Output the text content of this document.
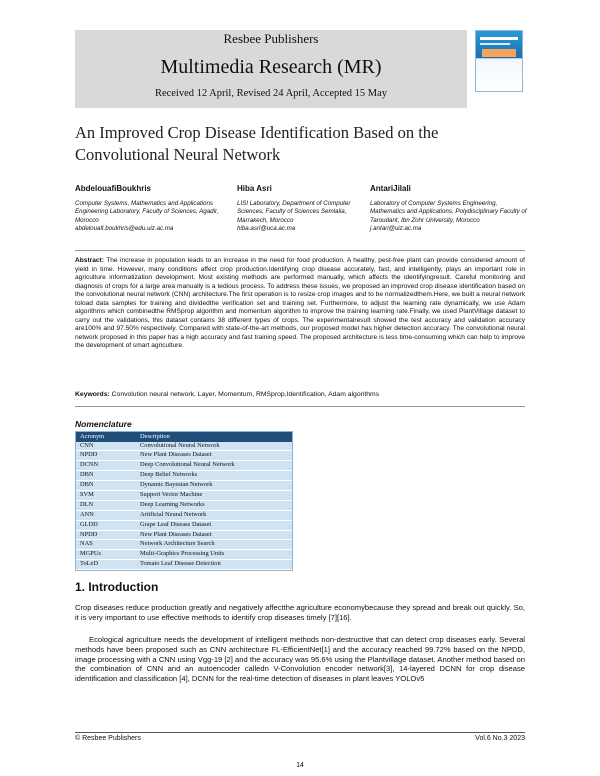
Resbee Publishers
Multimedia Research (MR)
Received 12 April, Revised 24 April, Accepted 15 May
An Improved Crop Disease Identification Based on the Convolutional Neural Network
AbdelouafiBoukhris
Computer Systems, Mathematics and Applications Engineering Laboratory, Faculty of Sciences, Agadir, Morocco
abdelouafi.boukhris@edu.uiz.ac.ma
Hiba Asri
LISI Laboratory, Department of Computer Sciences, Faculty of Sciences Semlalia, Marrakech, Morocco
hiba.asri@uca.ac.ma
AntariJilali
Laboratory of Computer Systems Engineering, Mathematics and Applications, Polydisciplinary Faculty of Taroudant, Ibn Zohr University, Morocco
j.antari@uiz.ac.ma
Abstract: The increase in population leads to an increase in the need for food production. A healthy, pest-free plant can provide considered amount of yield in time. However, many conditions affect crop production.Identifying crop disease accurately, fast, and intelligently, plays an important role in agriculture informatization development. Most existing methods are performed manually, which affects the identifyingresult. Careful monitoring and diagnosis of crops for a large area manually is a tedious process. To address these issues, we proposed an improved crop disease identification based on the convolutional neural network (CNN) architecture.The first operation is to resize crop images and to be normalizedthem.Here, we built a neural network toload data samples for training and dividedthe verification set and training set. Furthermore, to adjust the learning rate dynamically, we use Adam algorithms which combinedthe RMSprop algorithm and momentum algorithm to improve the training learning rate.Finally, we used PlantVillage dataset to carry out the validations, this dataset contains 38 different types of crops. The experimentalresult showed the test accuracy and validation accuracy are100% and 97.50% respectively. Compared with state-of-the-art methods, our proposed model has higher detection accuracy. The convolutional neural network proposed in this paper has a high accuracy and fast training speed. The proposed architecture is less time-consuming which can help to improve the development of smart agriculture.
Keywords: Convolution neural network, Layer, Momentum, RMSprop,Identification, Adam algorithms
Nomenclature
Acronym	Description
CNN	Convolutional Neural Network
NPDD	New Plant Diseases Dataset
DCNN	Deep Convolutional Neural Network
DBN	Deep Belief Networks
DBN	Dynamic Bayesian Network
SVM	Support Vector Machine
DLN	Deep Learning Networks
ANN	Artificial Neural Network
GLDD	Grape Leaf Disease Dataset
NPDD	New Plant Diseases Dataset
NAS	Network Architecture Search
MGPUs	Multi-Graphics Processing Units
ToLeD	Tomato Leaf Disease Detection
1. Introduction
Crop diseases reduce production greatly and negatively affectthe agriculture economybecause they spread and break out quickly. So, it is very important to use effective methods to identify crop diseases timely [7][16].
Ecological agriculture needs the development of intelligent methods non-destructive that can detect crop diseases early. Several methods have been proposed such as CNN architecture FL-EfficientNet[1] and the accuracy reached 99.72% based on the NPDD, image processing with a CNN using Vgg-19 [2] and the accuracy was 95.6% using the Plantvillage dataset. Another method based on the combination of CNN and an autoencoder calledn V-Convolution encoder network[3], 14-layered DCNN for crop disease identification and classification [4], DCNN for the real-time detection of diseases in plant leaves YOLOv5
© Resbee Publishers	Vol.6 No.3 2023
14
